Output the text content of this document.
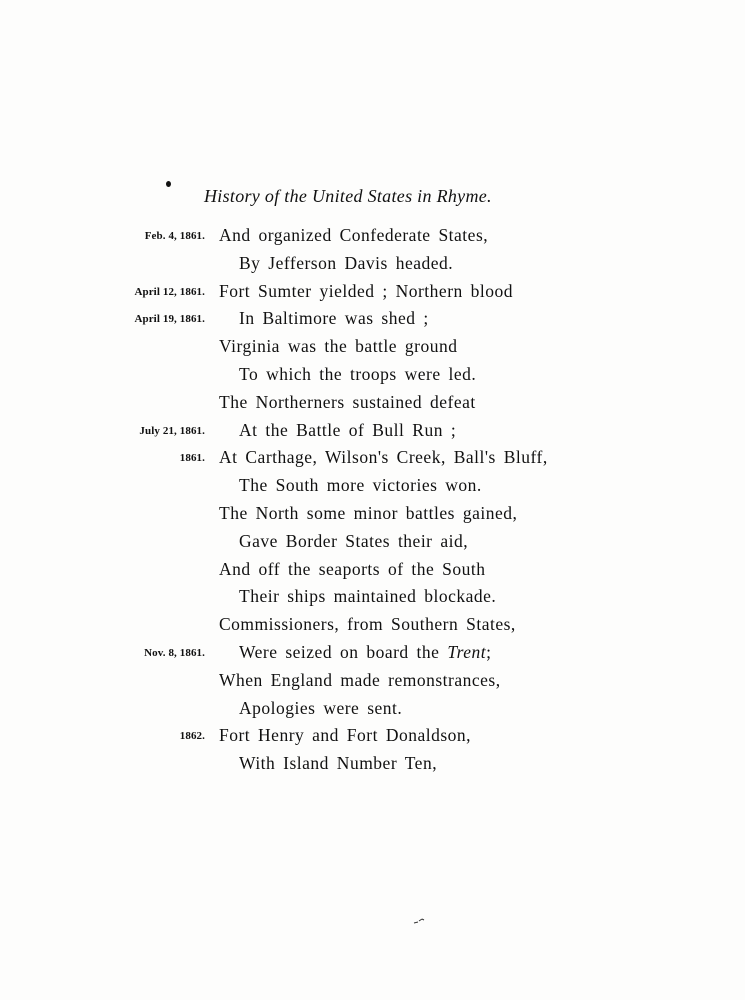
History of the United States in Rhyme.
Feb. 4, 1861. And organized Confederate States,
By Jefferson Davis headed.
April 12, 1861. Fort Sumter yielded ; Northern blood
April 19, 1861. In Baltimore was shed ;
Virginia was the battle ground
To which the troops were led.
The Northerners sustained defeat
July 21, 1861. At the Battle of Bull Run ;
1861. At Carthage, Wilson's Creek, Ball's Bluff,
The South more victories won.
The North some minor battles gained,
Gave Border States their aid,
And off the seaports of the South
Their ships maintained blockade.
Commissioners, from Southern States,
Nov. 8, 1861. Were seized on board the Trent;
When England made remonstrances,
Apologies were sent.
1862. Fort Henry and Fort Donaldson,
With Island Number Ten,
